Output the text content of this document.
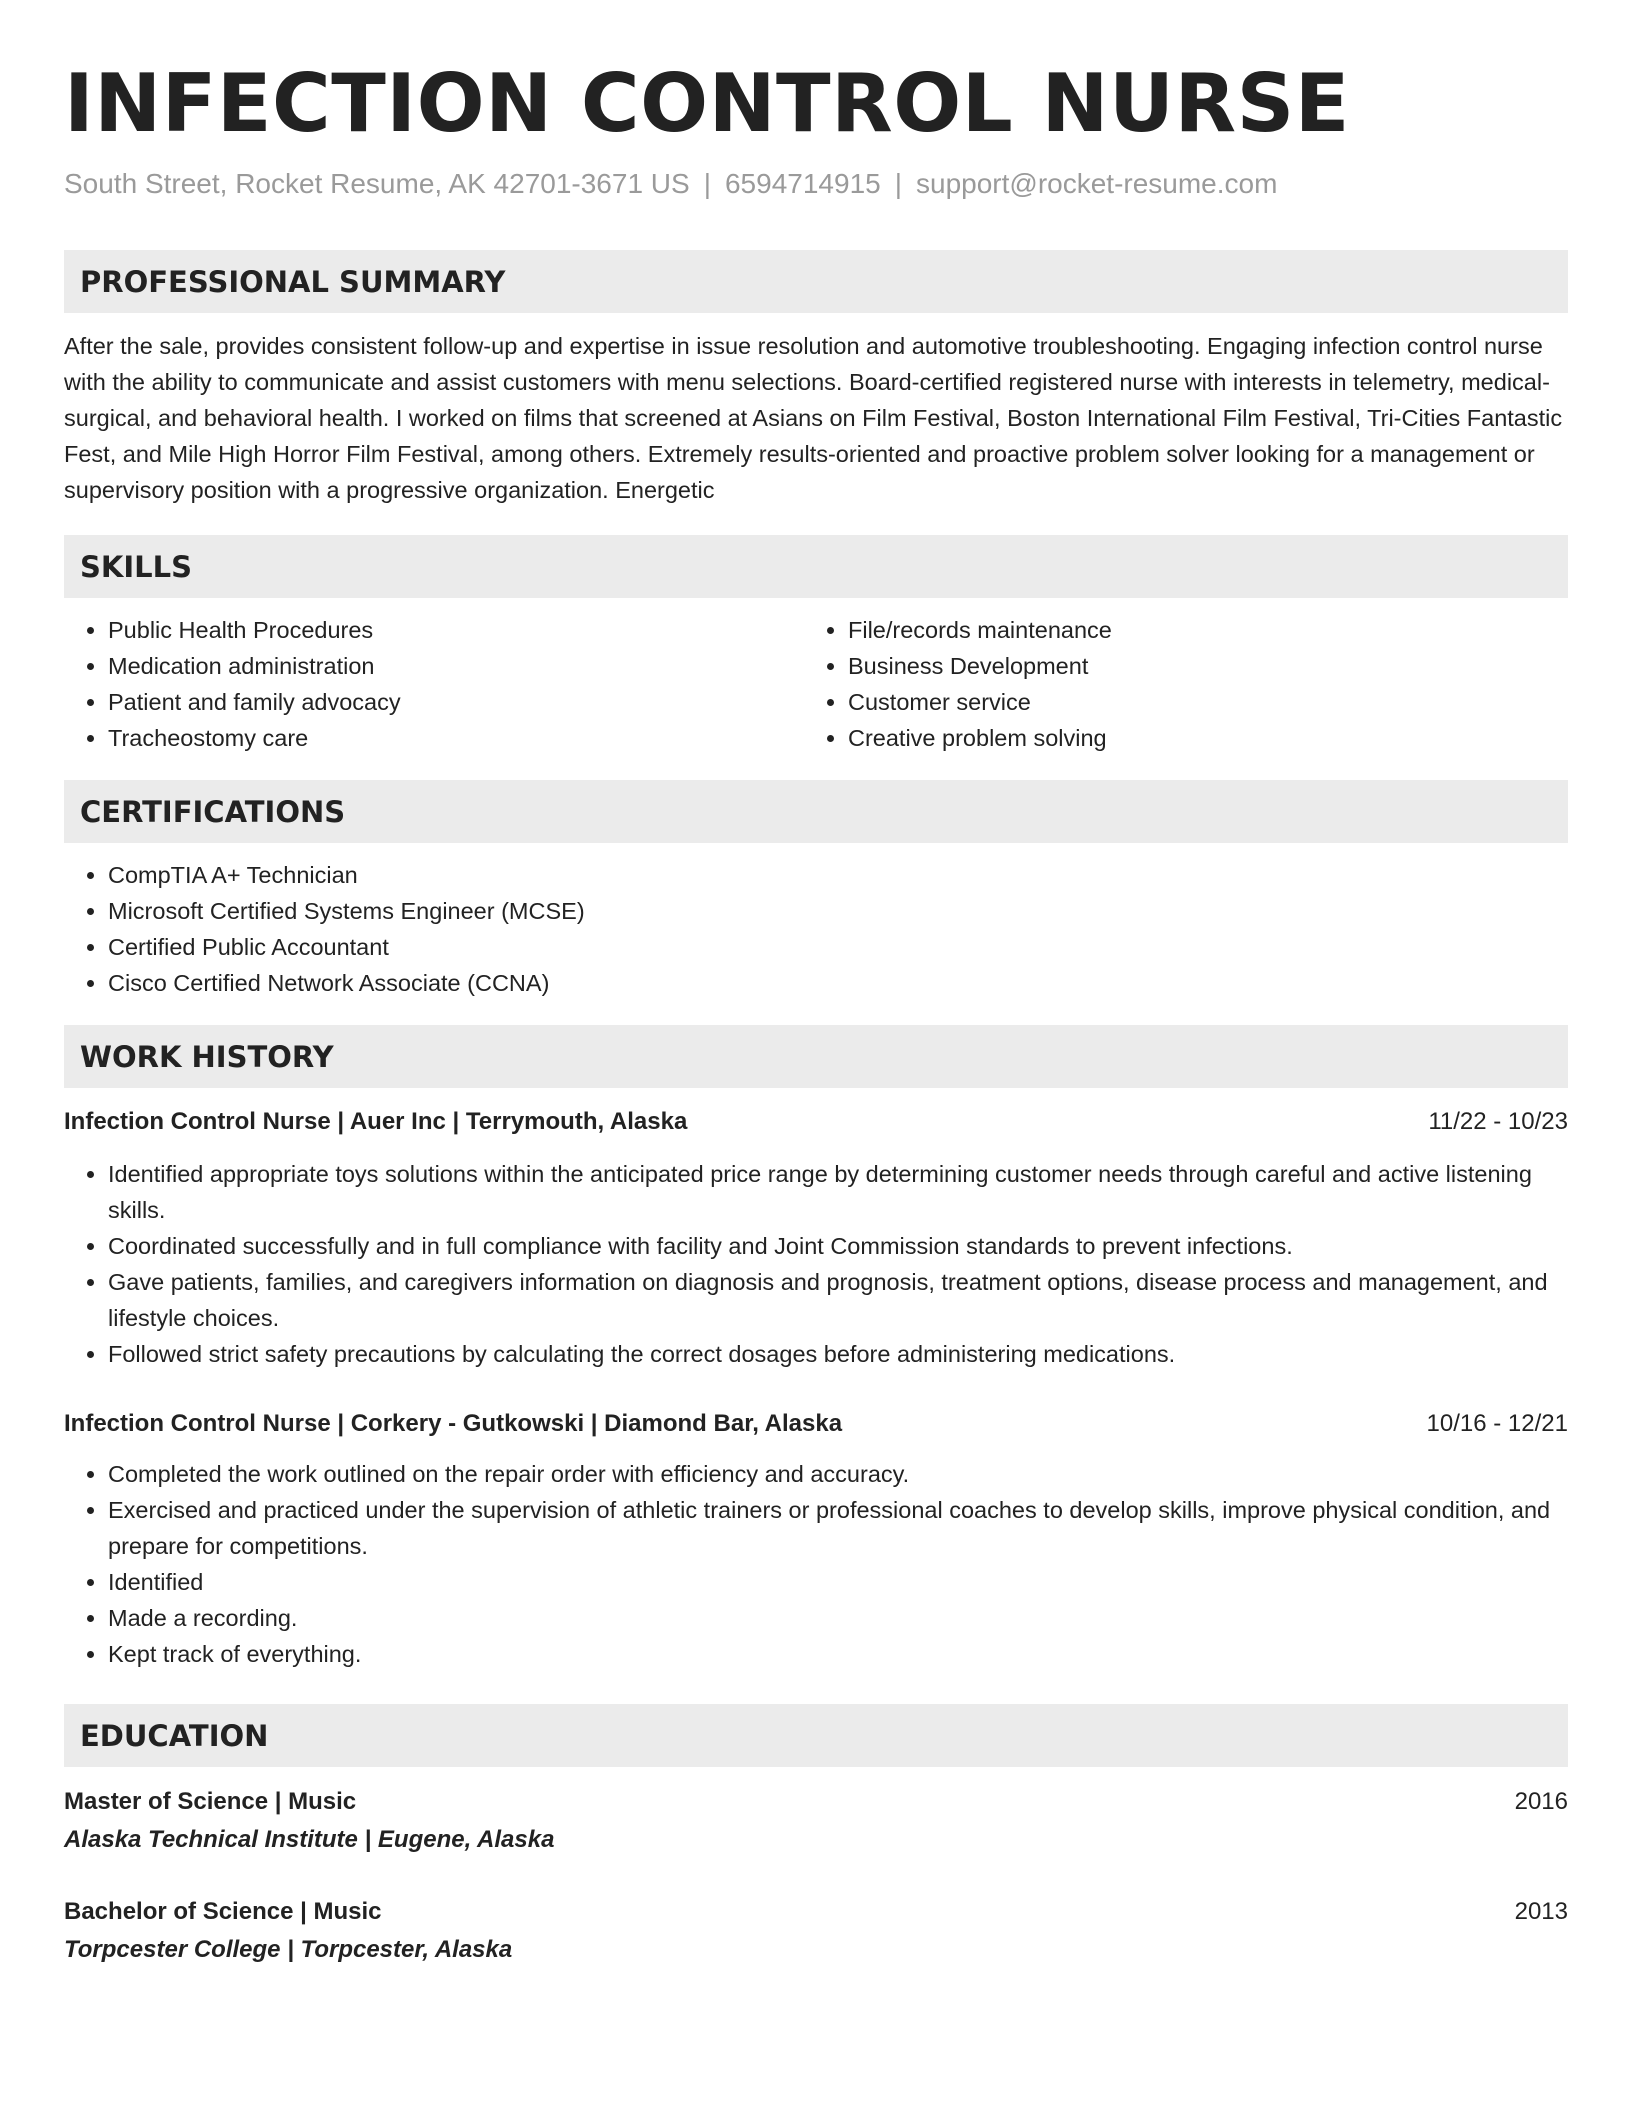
INFECTION CONTROL NURSE
South Street, Rocket Resume, AK 42701-3671 US | 6594714915 | support@rocket-resume.com
PROFESSIONAL SUMMARY

After the sale, provides consistent follow-up and expertise in issue resolution and automotive troubleshooting. Engaging infection control nurse with the ability to communicate and assist customers with menu selections. Board-certified registered nurse with interests in telemetry, medical-surgical, and behavioral health. I worked on films that screened at Asians on Film Festival, Boston International Film Festival, Tri-Cities Fantastic Fest, and Mile High Horror Film Festival, among others. Extremely results-oriented and proactive problem solver looking for a management or supervisory position with a progressive organization. Energetic

SKILLS
• Public Health Procedures
• Medication administration
• Patient and family advocacy
• Tracheostomy care
• File/records maintenance
• Business Development
• Customer service
• Creative problem solving
CERTIFICATIONS
• CompTIA A+ Technician
• Microsoft Certified Systems Engineer (MCSE)
• Certified Public Accountant
• Cisco Certified Network Associate (CCNA)
WORK HISTORY
Infection Control Nurse | Auer Inc | Terrymouth, Alaska	11/22 - 10/23
• Identified appropriate toys solutions within the anticipated price range by determining customer needs through careful and active listening skills.
• Coordinated successfully and in full compliance with facility and Joint Commission standards to prevent infections.
• Gave patients, families, and caregivers information on diagnosis and prognosis, treatment options, disease process and management, and lifestyle choices.
• Followed strict safety precautions by calculating the correct dosages before administering medications.
Infection Control Nurse | Corkery - Gutkowski | Diamond Bar, Alaska	10/16 - 12/21
• Completed the work outlined on the repair order with efficiency and accuracy.
• Exercised and practiced under the supervision of athletic trainers or professional coaches to develop skills, improve physical condition, and prepare for competitions.
• Identified
• Made a recording.
• Kept track of everything.
EDUCATION
Master of Science | Music	2016
Alaska Technical Institute | Eugene, Alaska
Bachelor of Science | Music	2013
Torpcester College | Torpcester, Alaska
